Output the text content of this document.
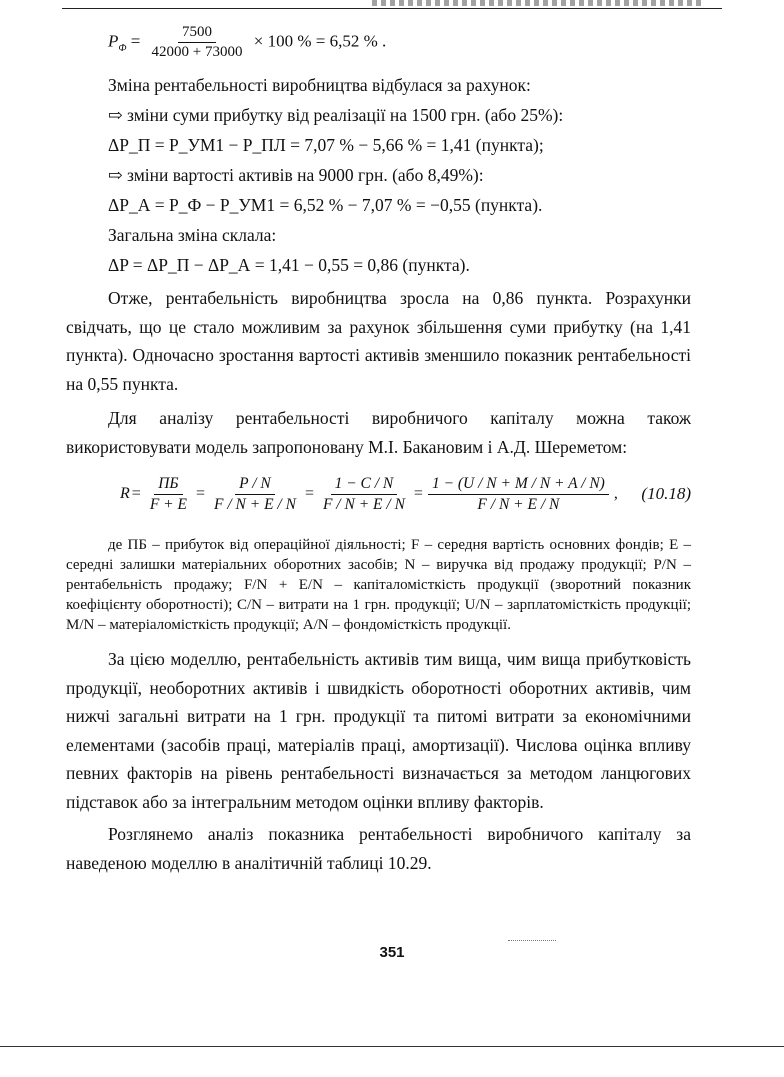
$P_Ф = \frac{7500}{42000 + 73000} \times 100$ % = 6,52 % .
Зміна рентабельності виробництва відбулася за рахунок:
⇨ зміни суми прибутку від реалізації на 1500 грн. (або 25%):
ΔP_П = P_УМ1 − P_ПЛ = 7,07 % − 5,66 % = 1,41 (пункта);
⇨ зміни вартості активів на 9000 грн. (або 8,49%):
ΔP_А = P_Ф − P_УМ1 = 6,52 % − 7,07 % = −0,55 (пункта).
Загальна зміна склала:
ΔP = ΔP_П − ΔP_А = 1,41 − 0,55 = 0,86 (пункта).

Отже, рентабельність виробництва зросла на 0,86 пункта. Розрахунки свідчать, що це стало можливим за рахунок збільшення суми прибутку (на 1,41 пункта). Одночасно зростання вартості активів зменшило показник рентабельності на 0,55 пункта.

Для аналізу рентабельності виробничого капіталу можна також використовувати модель запропоновану М.І. Бакановим і А.Д. Шереметом:

$R = \frac{ПБ}{F + E} = \frac{P / N}{F / N + E / N} = \frac{1 - C / N}{F / N + E / N} = \frac{1 - (U / N + M / N + A / N)}{F / N + E / N}$ , (10.18)

де ПБ – прибуток від операційної діяльності; F – середня вартість основних фондів; E – середні залишки матеріальних оборотних засобів; N – виручка від продажу продукції; P/N – рентабельність продажу; F/N + E/N – капіталомісткість продукції (зворотний показник коефіцієнту оборотності); C/N – витрати на 1 грн. продукції; U/N – зарплатомісткість продукції; M/N – матеріаломісткість продукції; A/N – фондомісткість продукції.

За цією моделлю, рентабельність активів тим вища, чим вища прибутковість продукції, необоротних активів і швидкість оборотності оборотних активів, чим нижчі загальні витрати на 1 грн. продукції та питомі витрати за економічними елементами (засобів праці, матеріалів праці, амортизації). Числова оцінка впливу певних факторів на рівень рентабельності визначається за методом ланцюгових підставок або за інтегральним методом оцінки впливу факторів.

Розглянемо аналіз показника рентабельності виробничого капіталу за наведеною моделлю в аналітичній таблиці 10.29.

351
